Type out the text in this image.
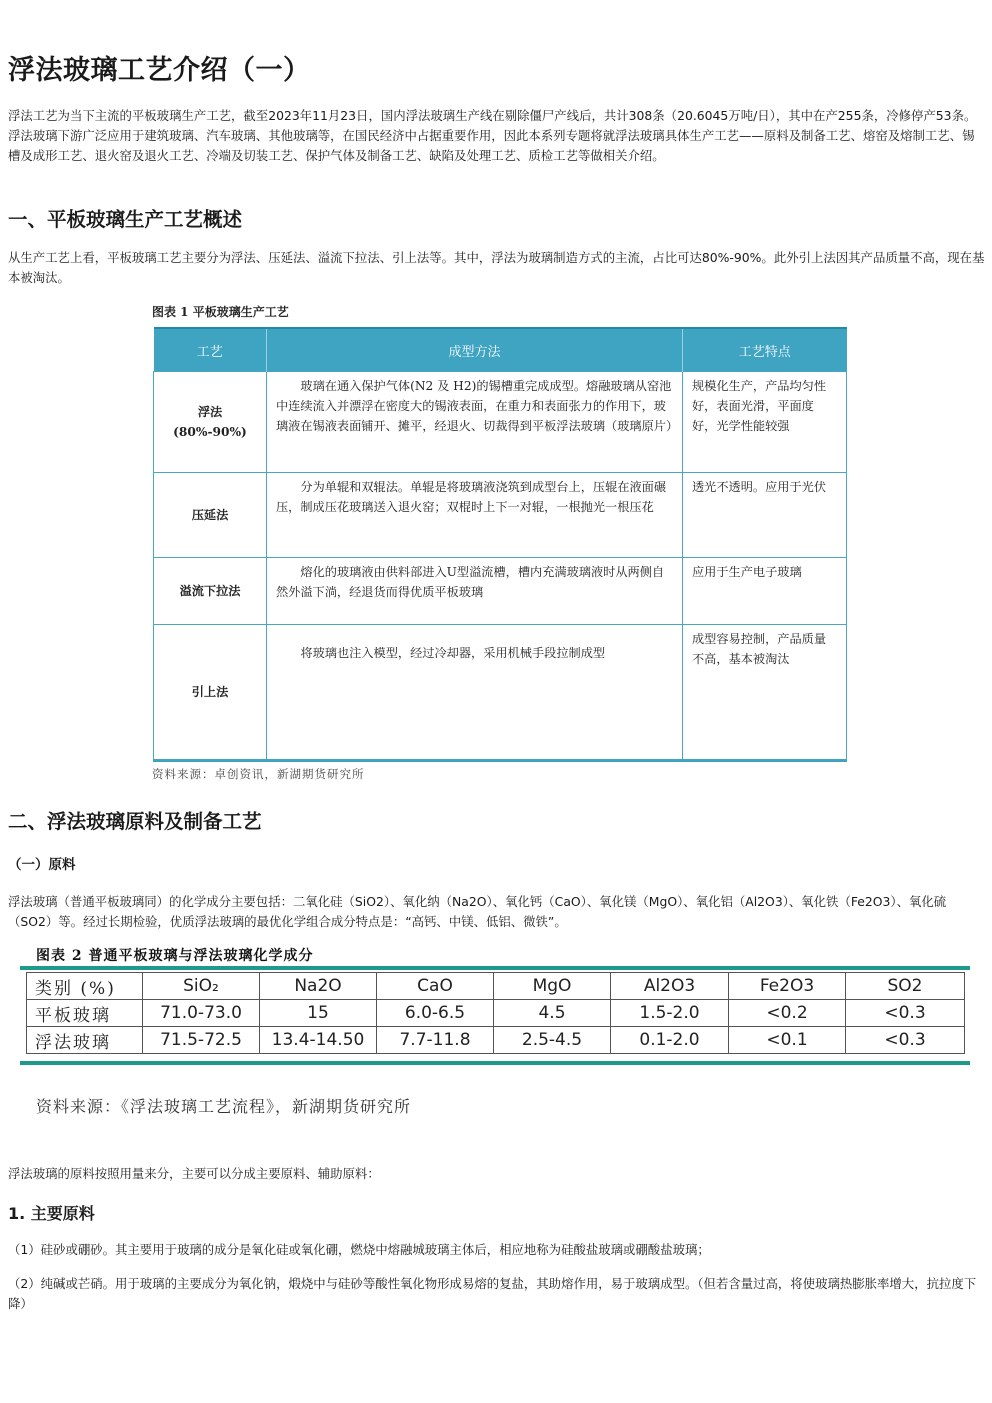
浮法玻璃工艺介绍（一）

浮法工艺为当下主流的平板玻璃生产工艺，截至2023年11月23日，国内浮法玻璃生产线在剔除僵尸产线后，共计308条（20.6045万吨/日），其中在产255条，冷修停产53条。浮法玻璃下游广泛应用于建筑玻璃、汽车玻璃、其他玻璃等，在国民经济中占据重要作用，因此本系列专题将就浮法玻璃具体生产工艺——原料及制备工艺、熔窑及熔制工艺、锡槽及成形工艺、退火窑及退火工艺、冷端及切装工艺、保护气体及制备工艺、缺陷及处理工艺、质检工艺等做相关介绍。

一、平板玻璃生产工艺概述

从生产工艺上看，平板玻璃工艺主要分为浮法、压延法、溢流下拉法、引上法等。其中，浮法为玻璃制造方式的主流，占比可达80%-90%。此外引上法因其产品质量不高，现在基本被淘汰。

图表 1 平板玻璃生产工艺
工艺	成型方法	工艺特点

浮法
(80%-90%)	玻璃在通入保护气体(N2 及 H2)的锡槽重完成成型。熔融玻璃从窑池中连续流入并漂浮在密度大的锡液表面，在重力和表面张力的作用下，玻璃液在锡液表面铺开、摊平，经退火、切裁得到平板浮法玻璃（玻璃原片）	规模化生产，产品均匀性好，表面光滑，平面度好，光学性能较强
压延法	分为单辊和双辊法。单辊是将玻璃液浇筑到成型台上，压辊在液面碾压，制成压花玻璃送入退火窑；双棍时上下一对辊，一根抛光一根压花	透光不透明。应用于光伏
溢流下拉法	熔化的玻璃液由供料部进入U型溢流槽，槽内充满玻璃液时从两侧自然外溢下淌，经退货而得优质平板玻璃	应用于生产电子玻璃
引上法	将玻璃也注入模型，经过冷却器，采用机械手段拉制成型	成型容易控制，产品质量不高，基本被淘汰
资料来源：卓创资讯，新湖期货研究所
二、浮法玻璃原料及制备工艺
（一）原料

浮法玻璃（普通平板玻璃同）的化学成分主要包括：二氧化硅（SiO2）、氧化纳（Na2O）、氧化钙（CaO）、氧化镁（MgO）、氧化铝（Al2O3）、氧化铁（Fe2O3）、氧化硫（SO2）等。经过长期检验，优质浮法玻璃的最优化学组合成分特点是：“高钙、中镁、低铝、微铁”。

图表 2 普通平板玻璃与浮法玻璃化学成分
类别 (%)	SiO₂	Na2O	CaO	MgO	Al2O3	Fe2O3	SO2
平板玻璃	71.0-73.0	15	6.0-6.5	4.5	1.5-2.0	<0.2	<0.3
浮法玻璃	71.5-72.5	13.4-14.50	7.7-11.8	2.5-4.5	0.1-2.0	<0.1	<0.3
资料来源：《浮法玻璃工艺流程》，新湖期货研究所

浮法玻璃的原料按照用量来分，主要可以分成主要原料、辅助原料：

1. 主要原料

（1）硅砂或硼砂。其主要用于玻璃的成分是氧化硅或氧化硼，燃烧中熔融城玻璃主体后，相应地称为硅酸盐玻璃或硼酸盐玻璃；

（2）纯碱或芒硝。用于玻璃的主要成分为氧化钠，煅烧中与硅砂等酸性氧化物形成易熔的复盐，其助熔作用，易于玻璃成型。（但若含量过高，将使玻璃热膨胀率增大，抗拉度下降）
